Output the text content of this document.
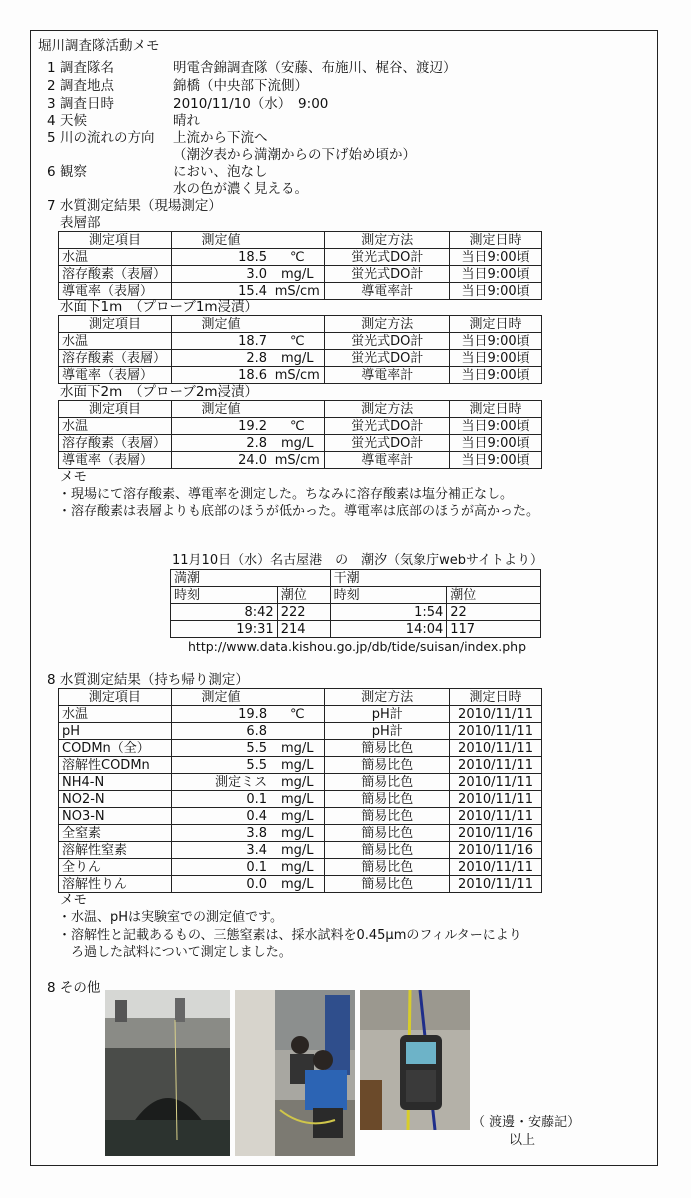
堀川調査隊活動メモ
1 調査隊名	明電舎錦調査隊（安藤、布施川、梶谷、渡辺）
2 調査地点	錦橋（中央部下流側）
3 調査日時	2010/11/10（水）　9:00
4 天候	晴れ
5 川の流れの方向 上流から下流へ
（潮汐表から満潮からの下げ始め頃か）
6 観察	におい、泡なし
水の色が濃く見える。
7 水質測定結果（現場測定）
表層部
測定項目	測定値		測定方法	測定日時
水温	18.5	℃	蛍光式DO計	当日9:00頃
溶存酸素（表層）	3.0	mg/L	蛍光式DO計	当日9:00頃
導電率（表層）	15.4	mS/cm	導電率計	当日9:00頃
水面下1m　（プローブ1m浸漬）
測定項目	測定値		測定方法	測定日時
水温	18.7	℃	蛍光式DO計	当日9:00頃
溶存酸素（表層）	2.8	mg/L	蛍光式DO計	当日9:00頃
導電率（表層）	18.6	mS/cm	導電率計	当日9:00頃
水面下2m　（プローブ2m浸漬）
測定項目	測定値		測定方法	測定日時
水温	19.2	℃	蛍光式DO計	当日9:00頃
溶存酸素（表層）	2.8	mg/L	蛍光式DO計	当日9:00頃
導電率（表層）	24.0	mS/cm	導電率計	当日9:00頃
メモ
・現場にて溶存酸素、導電率を測定した。ちなみに溶存酸素は塩分補正なし。
・溶存酸素は表層よりも底部のほうが低かった。導電率は底部のほうが高かった。
11月10日（水）名古屋港　の　潮汐（気象庁webサイトより）
満潮		干潮	
時刻	潮位	時刻	潮位
8:42	222	1:54	22
19:31	214	14:04	117
http://www.data.kishou.go.jp/db/tide/suisan/index.php
8 水質測定結果（持ち帰り測定）
測定項目	測定値		測定方法	測定日時
水温	19.8	℃	pH計	2010/11/11
pH	6.8		pH計	2010/11/11
CODMn（全）	5.5	mg/L	簡易比色	2010/11/11
溶解性CODMn	5.5	mg/L	簡易比色	2010/11/11
NH4-N	測定ミス	mg/L	簡易比色	2010/11/11
NO2-N	0.1	mg/L	簡易比色	2010/11/11
NO3-N	0.4	mg/L	簡易比色	2010/11/11
全窒素	3.8	mg/L	簡易比色	2010/11/16
溶解性窒素	3.4	mg/L	簡易比色	2010/11/16
全りん	0.1	mg/L	簡易比色	2010/11/11
溶解性りん	0.0	mg/L	簡易比色	2010/11/11
メモ
・水温、pHは実験室での測定値です。
・溶解性と記載あるもの、三態窒素は、採水試料を0.45μmのフィルターにより
　ろ過した試料について測定しました。
8 その他
（ 渡邊・安藤記）
以上
